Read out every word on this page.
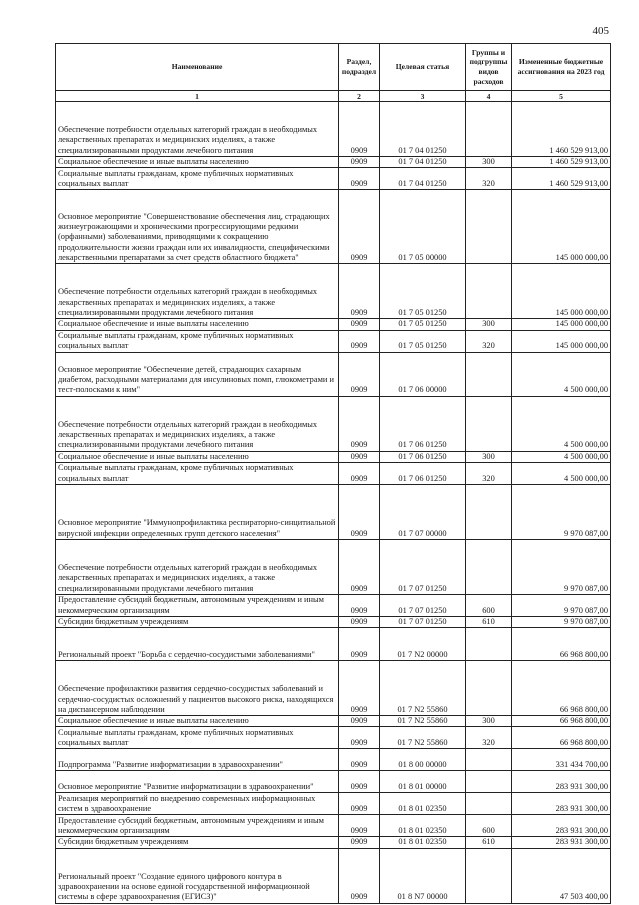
405
Наименование	Раздел, подраздел	Целевая статья	Группы и подгруппы видов расходов	Измененные бюджетные ассигнования на 2023 год
1	2	3	4	5
Обеспечение потребности отдельных категорий граждан в необходимых лекарственных препаратах и медицинских изделиях, а также специализированными продуктами лечебного питания	0909	01 7 04 01250		1 460 529 913,00
Социальное обеспечение и иные выплаты населению	0909	01 7 04 01250	300	1 460 529 913,00
Социальные выплаты гражданам, кроме публичных нормативных социальных выплат	0909	01 7 04 01250	320	1 460 529 913,00
Основное мероприятие "Совершенствование обеспечения лиц, страдающих жизнеугрожающими и хроническими прогрессирующими редкими (орфанными) заболеваниями, приводящими к сокращению продолжительности жизни граждан или их инвалидности, специфическими лекарственными препаратами за счет средств областного бюджета"	0909	01 7 05 00000		145 000 000,00
Обеспечение потребности отдельных категорий граждан в необходимых лекарственных препаратах и медицинских изделиях, а также специализированными продуктами лечебного питания	0909	01 7 05 01250		145 000 000,00
Социальное обеспечение и иные выплаты населению	0909	01 7 05 01250	300	145 000 000,00
Социальные выплаты гражданам, кроме публичных нормативных социальных выплат	0909	01 7 05 01250	320	145 000 000,00
Основное мероприятие "Обеспечение детей, страдающих сахарным диабетом, расходными материалами для инсулиновых помп, глюкометрами и тест-полосками к ним"	0909	01 7 06 00000		4 500 000,00
Обеспечение потребности отдельных категорий граждан в необходимых лекарственных препаратах и медицинских изделиях, а также специализированными продуктами лечебного питания	0909	01 7 06 01250		4 500 000,00
Социальное обеспечение и иные выплаты населению	0909	01 7 06 01250	300	4 500 000,00
Социальные выплаты гражданам, кроме публичных нормативных социальных выплат	0909	01 7 06 01250	320	4 500 000,00
Основное мероприятие "Иммунопрофилактика респираторно-синцитиальной вирусной инфекции определенных групп детского населения"	0909	01 7 07 00000		9 970 087,00
Обеспечение потребности отдельных категорий граждан в необходимых лекарственных препаратах и медицинских изделиях, а также специализированными продуктами лечебного питания	0909	01 7 07 01250		9 970 087,00
Предоставление субсидий бюджетным, автономным учреждениям и иным некоммерческим организациям	0909	01 7 07 01250	600	9 970 087,00
Субсидии бюджетным учреждениям	0909	01 7 07 01250	610	9 970 087,00
Региональный проект "Борьба с сердечно-сосудистыми заболеваниями"	0909	01 7 N2 00000		66 968 800,00
Обеспечение профилактики развития сердечно-сосудистых заболеваний и сердечно-сосудистых осложнений у пациентов высокого риска, находящихся на диспансерном наблюдении	0909	01 7 N2 55860		66 968 800,00
Социальное обеспечение и иные выплаты населению	0909	01 7 N2 55860	300	66 968 800,00
Социальные выплаты гражданам, кроме публичных нормативных социальных выплат	0909	01 7 N2 55860	320	66 968 800,00
Подпрограмма "Развитие информатизации в здравоохранении"	0909	01 8 00 00000		331 434 700,00
Основное мероприятие "Развитие информатизации в здравоохранении"	0909	01 8 01 00000		283 931 300,00
Реализация мероприятий по внедрению современных информационных систем в здравоохранение	0909	01 8 01 02350		283 931 300,00
Предоставление субсидий бюджетным, автономным учреждениям и иным некоммерческим организациям	0909	01 8 01 02350	600	283 931 300,00
Субсидии бюджетным учреждениям	0909	01 8 01 02350	610	283 931 300,00
Региональный проект "Создание единого цифрового контура в здравоохранении на основе единой государственной информационной системы в сфере здравоохранения (ЕГИСЗ)"	0909	01 8 N7 00000		47 503 400,00
